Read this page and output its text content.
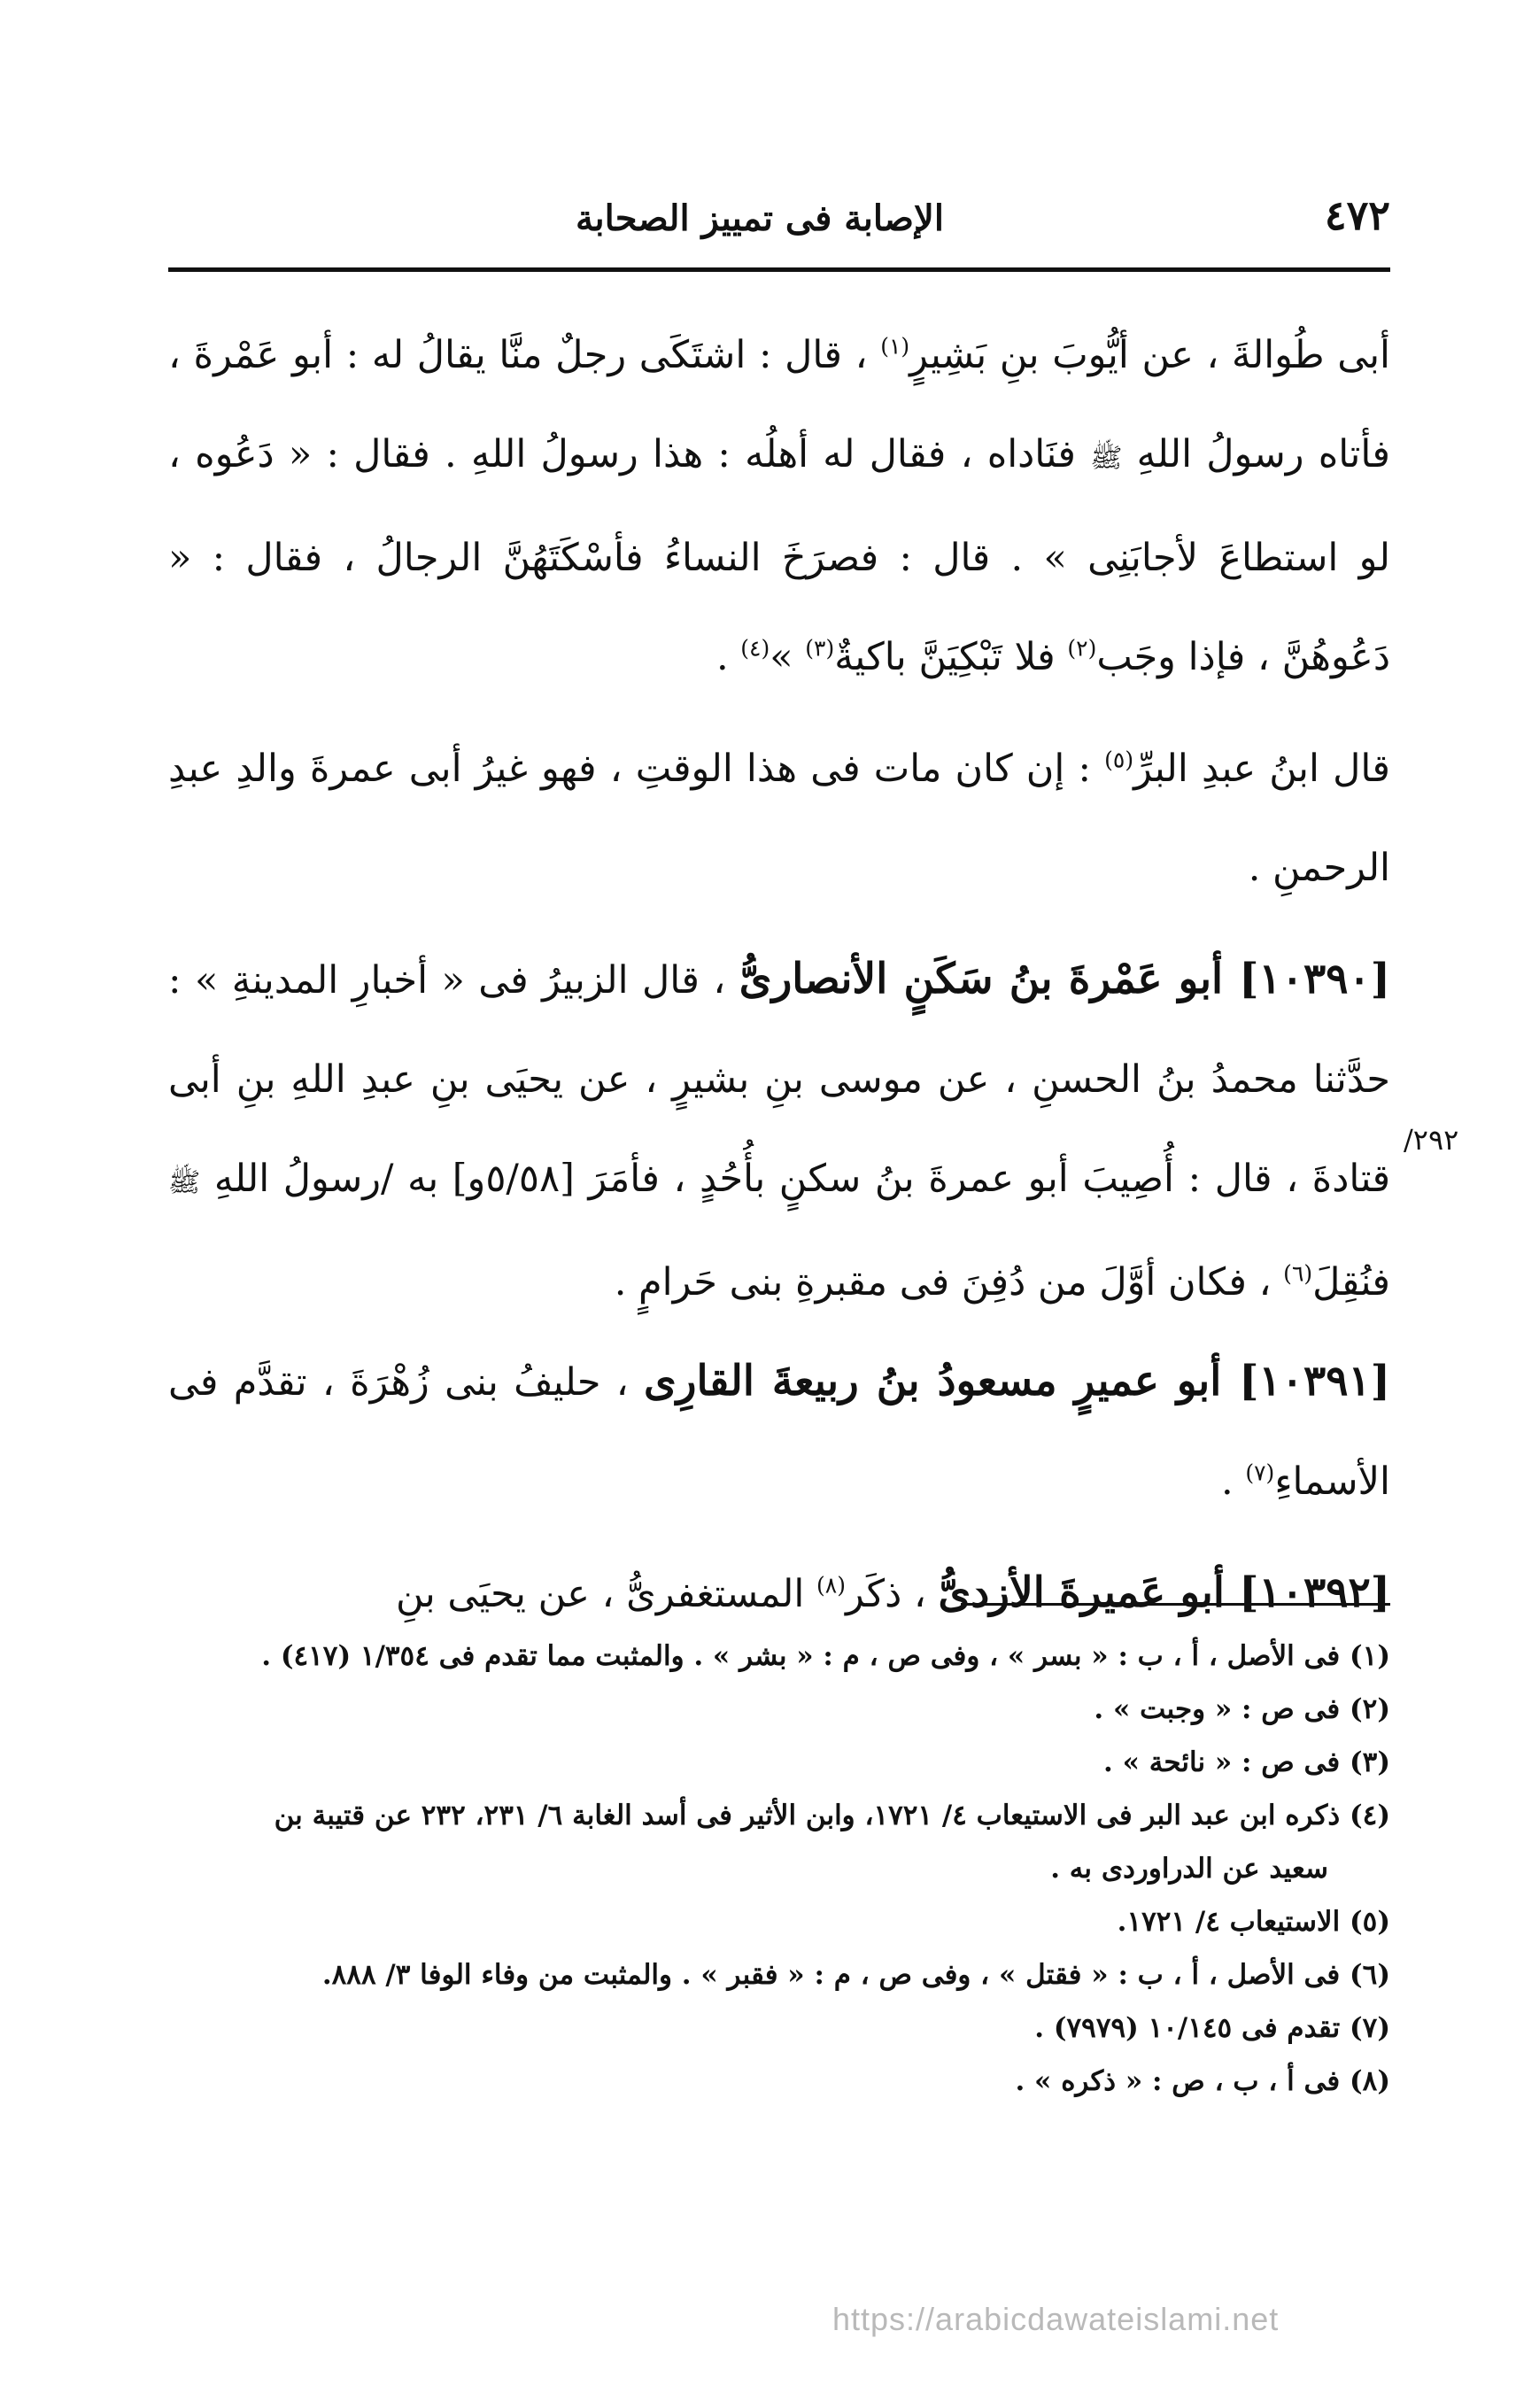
٤٧٢
الإصابة فى تمييز الصحابة

أبى طُوالةَ ، عن أيُّوبَ بنِ بَشِيرٍ$^{(١)}$ ، قال : اشتَكَى رجلٌ منَّا يقالُ له : أبو عَمْرةَ ، فأتاه رسولُ اللهِ ﷺ فنَاداه ، فقال له أهلُه : هذا رسولُ اللهِ . فقال : « دَعُوه ، لو استطاعَ لأجابَنِى » . قال : فصرَخَ النساءُ فأسْكَتَهُنَّ الرجالُ ، فقال : « دَعُوهُنَّ ، فإذا وجَب$^{(٢)}$ فلا تَبْكِيَنَّ باكيةٌ$^{(٣)}$ »$^{(٤)}$ .

قال ابنُ عبدِ البرِّ$^{(٥)}$ : إن كان مات فى هذا الوقتِ ، فهو غيرُ أبى عمرةَ والدِ عبدِ الرحمنِ .

[١٠٣٩٠] أبو عَمْرةَ بنُ سَكَنٍ الأنصارىُّ ، قال الزبيرُ فى « أخبارِ المدينةِ » : حدَّثنا محمدُ بنُ الحسنِ ، عن موسى بنِ بشيرٍ ، عن يحيَى بنِ عبدِ اللهِ بنِ أبى قتادةَ ، قال : أُصِيبَ أبو عمرةَ بنُ سكنٍ بأُحُدٍ ، فأمَرَ [٥/٥٨و] به /رسولُ اللهِ ﷺ فنُقِلَ$^{(٦)}$ ، فكان أوَّلَ من دُفِنَ فى مقبرةِ بنى حَرامٍ .

[١٠٣٩١] أبو عميرٍ مسعودُ بنُ ربيعةَ القارِى ، حليفُ بنى زُهْرَةَ ، تقدَّم فى الأسماءِ$^{(٧)}$ .

[١٠٣٩٢] أبو عَميرةَ الأزدىُّ ، ذكَر$^{(٨)}$ المستغفرىُّ ، عن يحيَى بنِ

/٢٩٢

(١) فى الأصل ، أ ، ب : « بسر » ، وفى ص ، م : « بشر » . والمثبت مما تقدم فى ١/٣٥٤ (٤١٧) .

(٢) فى ص : « وجبت » .

(٣) فى ص : « نائحة » .

(٤) ذكره ابن عبد البر فى الاستيعاب ٤/ ١٧٢١، وابن الأثير فى أسد الغابة ٦/ ٢٣١، ٢٣٢ عن قتيبة بن

سعيد عن الدراوردى به .

(٥) الاستيعاب ٤/ ١٧٢١.

(٦) فى الأصل ، أ ، ب : « فقتل » ، وفى ص ، م : « فقبر » . والمثبت من وفاء الوفا ٣/ ٨٨٨.

(٧) تقدم فى ١٠/١٤٥ (٧٩٧٩) .

(٨) فى أ ، ب ، ص : « ذكره » .

https://arabicdawateislami.net
